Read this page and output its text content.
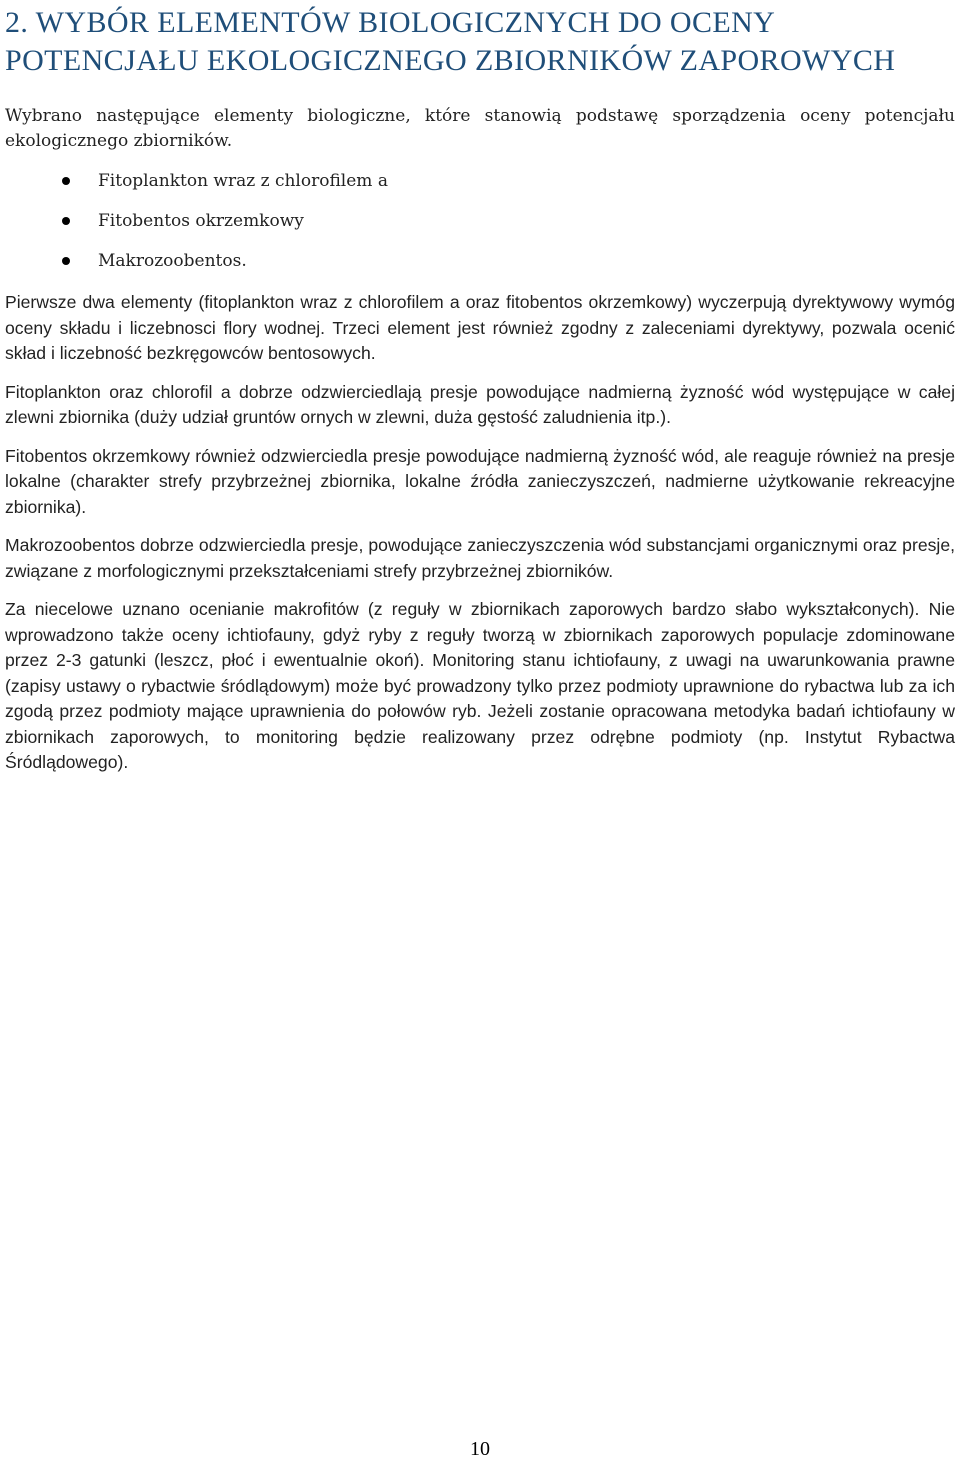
2. WYBÓR ELEMENTÓW BIOLOGICZNYCH DO OCENY POTENCJAŁU EKOLOGICZNEGO ZBIORNIKÓW ZAPOROWYCH

Wybrano następujące elementy biologiczne, które stanowią podstawę sporządzenia oceny potencjału ekologicznego zbiorników.

Fitoplankton wraz z chlorofilem a
Fitobentos okrzemkowy
Makrozoobentos.

Pierwsze dwa elementy (fitoplankton wraz z chlorofilem a oraz fitobentos okrzemkowy) wyczerpują dyrektywowy wymóg oceny składu i liczebnosci flory wodnej. Trzeci element jest również zgodny z zaleceniami dyrektywy, pozwala ocenić skład i liczebność bezkręgowców bentosowych.

Fitoplankton oraz chlorofil a dobrze odzwierciedlają presje powodujące nadmierną żyzność wód występujące w całej zlewni zbiornika (duży udział gruntów ornych w zlewni, duża gęstość zaludnienia itp.).

Fitobentos okrzemkowy również odzwierciedla presje powodujące nadmierną żyzność wód, ale reaguje również na presje lokalne (charakter strefy przybrzeżnej zbiornika, lokalne źródła zanieczyszczeń, nadmierne użytkowanie rekreacyjne zbiornika).

Makrozoobentos dobrze odzwierciedla presje, powodujące zanieczyszczenia wód substancjami organicznymi oraz presje, związane z morfologicznymi przekształceniami strefy przybrzeżnej zbiorników.

Za niecelowe uznano ocenianie makrofitów (z reguły w zbiornikach zaporowych bardzo słabo wykształconych). Nie wprowadzono także oceny ichtiofauny, gdyż ryby z reguły tworzą w zbiornikach zaporowych populacje zdominowane przez 2-3 gatunki (leszcz, płoć i ewentualnie okoń). Monitoring stanu ichtiofauny, z uwagi na uwarunkowania prawne (zapisy ustawy o rybactwie śródlądowym) może być prowadzony tylko przez podmioty uprawnione do rybactwa lub za ich zgodą przez podmioty mające uprawnienia do połowów ryb. Jeżeli zostanie opracowana metodyka badań ichtiofauny w zbiornikach zaporowych, to monitoring będzie realizowany przez odrębne podmioty (np. Instytut Rybactwa Śródlądowego).

10
